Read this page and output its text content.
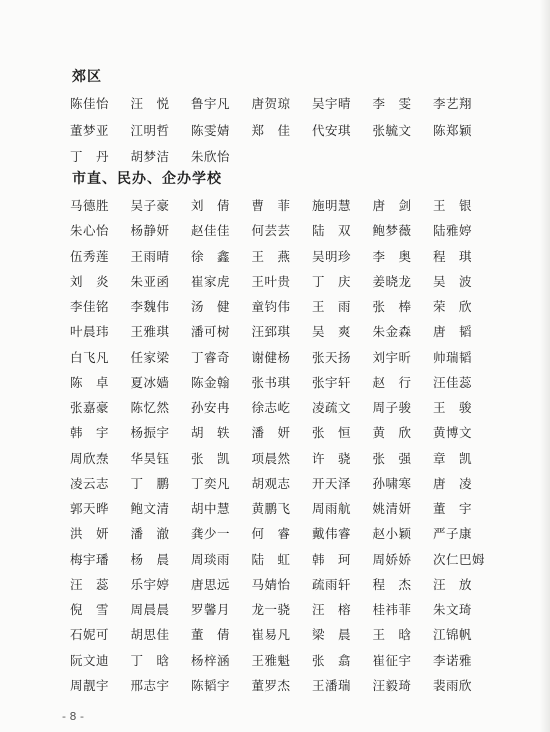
郊区
陈佳怡	汪　悦	鲁宇凡	唐贺琼	吴宇晴	李　雯	李艺翔
董梦亚	江明哲	陈雯婧	郑　佳	代安琪	张毓文	陈郑颖
丁　丹	胡梦洁	朱欣怡
市直、民办、企办学校
马德胜	吴子豪	刘　倩	曹　菲	施明慧	唐　剑	王　银
朱心怡	杨静妍	赵佳佳	何芸芸	陆　双	鲍梦薇	陆雅婷
伍秀莲	王雨晴	徐　鑫	王　燕	吴明珍	李　奥	程　琪
刘　炎	朱亚函	崔家虎	王叶贵	丁　庆	姜晓龙	吴　波
李佳铭	李魏伟	汤　健	童钧伟	王　雨	张　棒	荣　欣
叶晨玮	王雅琪	潘可树	汪郅琪	吴　爽	朱金森	唐　韬
白飞凡	任家梁	丁睿奇	谢健杨	张天扬	刘宇昕	帅瑞韬
陈　卓	夏冰嫱	陈金翰	张书琪	张宇轩	赵　行	汪佳蕊
张嘉豪	陈忆然	孙安冉	徐志屹	凌疏文	周子骏	王　骏
韩　宇	杨振宇	胡　轶	潘　妍	张　恒	黄　欣	黄博文
周欣焘	华昊钰	张　凯	项晨然	许　骁	张　强	章　凯
凌云志	丁　鹏	丁奕凡	胡观志	开天泽	孙啸寒	唐　凌
郭天晔	鲍文清	胡中慧	黄鹏飞	周雨航	姚清妍	董　宇
洪　妍	潘　澈	龚少一	何　睿	戴伟睿	赵小颖	严子康
梅宇璠	杨　晨	周琰雨	陆　虹	韩　珂	周娇娇	次仁巴姆
汪　蕊	乐宇婷	唐思远	马婧怡	疏雨轩	程　杰	汪　放
倪　雪	周晨晨	罗馨月	龙一骁	汪　榕	桂祎菲	朱文琦
石妮可	胡思佳	董　倩	崔易凡	梁　晨	王　晗	江锦帆
阮文迪	丁　晗	杨梓涵	王雅魁	张　翕	崔征宇	李诺雅
周靓宇	邢志宇	陈韬宇	董罗杰	王潘瑞	汪毅琦	裴雨欣
- 8 -
